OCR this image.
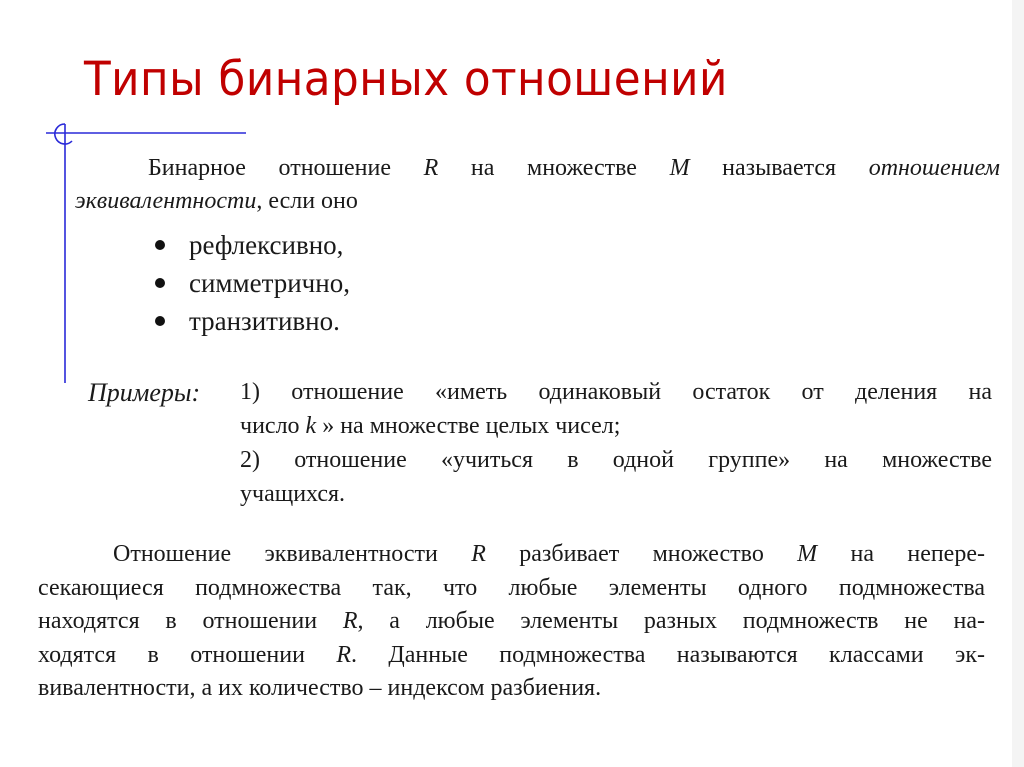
Типы бинарных отношений
Бинарное отношение R на множестве M называется отношением
эквивалентности, если оно
рефлексивно,
симметрично,
транзитивно.
Примеры: 1) отношение «иметь одинаковый остаток от деления на
число k » на множестве целых чисел;
2) отношение «учиться в одной группе» на множестве
учащихся.
Отношение эквивалентности R разбивает множество M на непере-
секающиеся подмножества так, что любые элементы одного подмножества
находятся в отношении R, а любые элементы разных подмножеств не на-
ходятся в отношении R. Данные подмножества называются классами эк-
вивалентности, а их количество – индексом разбиения.
